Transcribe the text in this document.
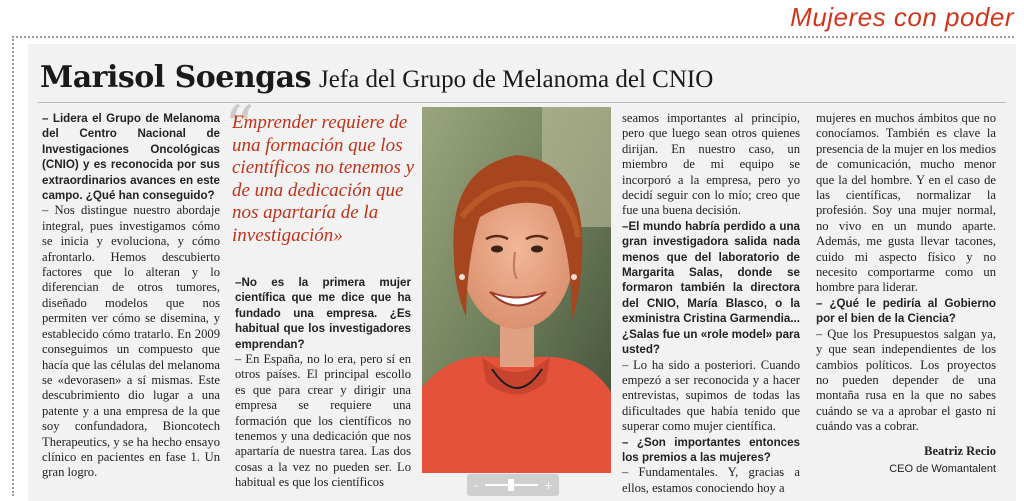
Mujeres con poder
Marisol Soengas Jefa del Grupo de Melanoma del CNIO

– Lidera el Grupo de Melanoma del Centro Nacional de Investigaciones Oncológicas (CNIO) y es reconocida por sus extraordinarios avances en este campo. ¿Qué han conseguido?

– Nos distingue nuestro abordaje integral, pues investigamos cómo se inicia y evoluciona, y cómo afrontarlo. Hemos descubierto factores que lo alteran y lo diferencian de otros tumores, diseñado modelos que nos permiten ver cómo se disemina, y establecido cómo tratarlo. En 2009 conseguimos un compuesto que hacía que las células del melanoma se «devorasen» a sí mismas. Este descubrimiento dio lugar a una patente y a una empresa de la que soy confundadora, Bioncotech Therapeutics, y se ha hecho ensayo clínico en pacientes en fase 1. Un gran logro.

“
Emprender requiere de una formación que los científicos no tenemos y de una dedicación que nos apartaría de la investigación»

–No es la primera mujer científica que me dice que ha fundado una empresa. ¿Es habitual que los investigadores emprendan?

– En España, no lo era, pero sí en otros países. El principal escollo es que para crear y dirigir una empresa se requiere una formación que los científicos no tenemos y una dedicación que nos apartaría de nuestra tarea. Las dos cosas a la vez no pueden ser. Lo habitual es que los científicos

seamos importantes al principio, pero que luego sean otros quienes dirijan. En nuestro caso, un miembro de mi equipo se incorporó a la empresa, pero yo decidí seguir con lo mío; creo que fue una buena decisión.

–El mundo habría perdido a una gran investigadora salida nada menos que del laboratorio de Margarita Salas, donde se formaron también la directora del CNIO, María Blasco, o la exministra Cristina Garmendia... ¿Salas fue un «role model» para usted?

– Lo ha sido a posteriori. Cuando empezó a ser reconocida y a hacer entrevistas, supimos de todas las dificultades que había tenido que superar como mujer científica.

– ¿Son importantes entonces los premios a las mujeres?

– Fundamentales. Y, gracias a ellos, estamos conociendo hoy a

mujeres en muchos ámbitos que no conocíamos. También es clave la presencia de la mujer en los medios de comunicación, mucho menor que la del hombre. Y en el caso de las científicas, normalizar la profesión. Soy una mujer normal, no vivo en un mundo aparte. Además, me gusta llevar tacones, cuido mi aspecto físico y no necesito comportarme como un hombre para liderar.

– ¿Qué le pediría al Gobierno por el bien de la Ciencia?

– Que los Presupuestos salgan ya, y que sean independientes de los cambios políticos. Los proyectos no pueden depender de una montaña rusa en la que no sabes cuándo se va a aprobar el gasto ni cuándo vas a cobrar.

Beatriz Recio
CEO de Womantalent
–	+
